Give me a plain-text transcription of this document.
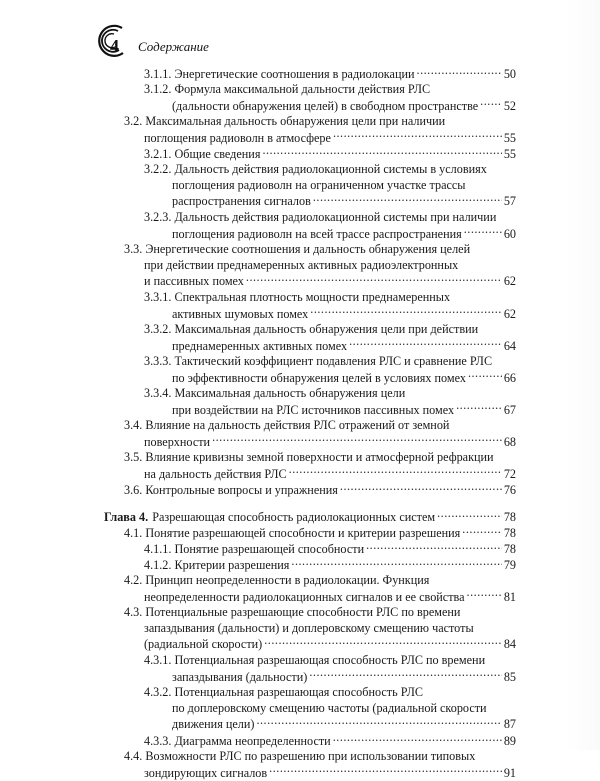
4 Содержание
3.1.1. Энергетические соотношения в радиолокации .....	50
3.1.2. Формула максимальной дальности действия РЛС
(дальности обнаружения целей) в свободном пространстве ..... 52
3.2. Максимальная дальность обнаружения цели при наличии
поглощения радиоволн в атмосфере .....	55
3.2.1. Общие сведения .....	55
3.2.2. Дальность действия радиолокационной системы в условиях
поглощения радиоволн на ограниченном участке трассы
распространения сигналов .....	57
3.2.3. Дальность действия радиолокационной системы при наличии
поглощения радиоволн на всей трассе распространения .....	60
3.3. Энергетические соотношения и дальность обнаружения целей
при действии преднамеренных активных радиоэлектронных
и пассивных помех .....	62
3.3.1. Спектральная плотность мощности преднамеренных
активных шумовых помех .....	62
3.3.2. Максимальная дальность обнаружения цели при действии
преднамеренных активных помех .....	64
3.3.3. Тактический коэффициент подавления РЛС и сравнение РЛС
по эффективности обнаружения целей в условиях помех .....	66
3.3.4. Максимальная дальность обнаружения цели
при воздействии на РЛС источников пассивных помех .....	67
3.4. Влияние на дальность действия РЛС отражений от земной
поверхности .....	68
3.5. Влияние кривизны земной поверхности и атмосферной рефракции
на дальность действия РЛС .....	72
3.6. Контрольные вопросы и упражнения .....	76
Глава 4. Разрешающая способность радиолокационных систем .....	78
4.1. Понятие разрешающей способности и критерии разрешения .....	78
4.1.1. Понятие разрешающей способности .....	78
4.1.2. Критерии разрешения .....	79
4.2. Принцип неопределенности в радиолокации. Функция
неопределенности радиолокационных сигналов и ее свойства .....	81
4.3. Потенциальные разрешающие способности РЛС по времени
запаздывания (дальности) и доплеровскому смещению частоты
(радиальной скорости) .....	84
4.3.1. Потенциальная разрешающая способность РЛС по времени
запаздывания (дальности) .....	85
4.3.2. Потенциальная разрешающая способность РЛС
по доплеровскому смещению частоты (радиальной скорости
движения цели) .....	87
4.3.3. Диаграмма неопределенности .....	89
4.4. Возможности РЛС по разрешению при использовании типовых
зондирующих сигналов .....	91
